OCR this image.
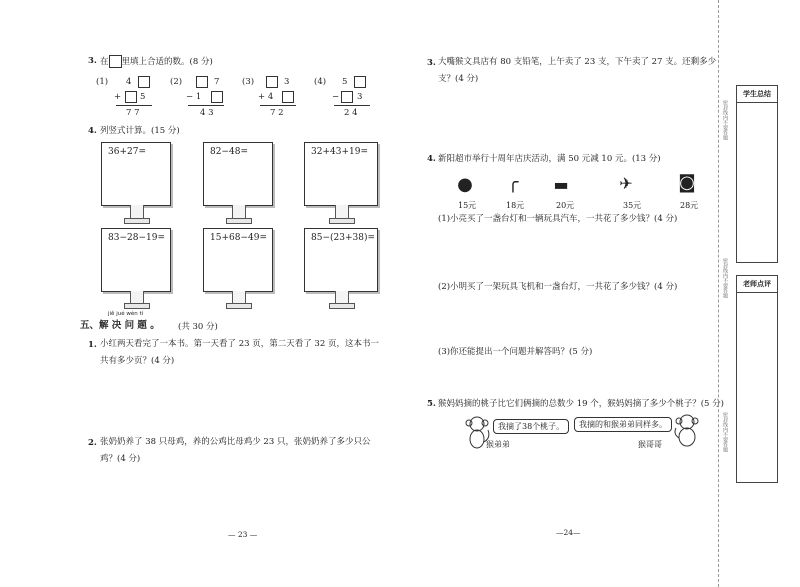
3. 在 里填上合适的数。(8 分)
(1) 4
+ 5
7 7
(2)	7
− 1
4 3
(3)	3
+ 4
7 2
(4) 5
− 3
2 4
4. 列竖式计算。(15 分)
36+27=	82−48=	32+43+19=
83−28−19=	15+68−49=	85−(23+38)=
jiě jué wèn tí
五、解 决 问 题 。 (共 30 分)
1. 小红两天看完了一本书。第一天看了 23 页，第二天看了 32 页，这本书一
共有多少页？(4 分)
2. 张奶奶养了 38 只母鸡，养的公鸡比母鸡少 23 只，张奶奶养了多少只公
鸡？(4 分)
— 23 —
3. 大嘴猴文具店有 80 支铅笔，上午卖了 23 支，下午卖了 27 支。还剩多少
支？(4 分)
4. 新阳超市举行十周年店庆活动，满 50 元减 10 元。(13 分)
●
15元
╭
18元
▬
20元
✈
35元
◙
28元
(1)小亮买了一盏台灯和一辆玩具汽车，一共花了多少钱？(4 分)
(2)小明买了一架玩具飞机和一盏台灯，一共花了多少钱？(4 分)
(3)你还能提出一个问题并解答吗？(5 分)
5. 猴妈妈摘的桃子比它们俩摘的总数少 19 个，猴妈妈摘了多少个桃子？(5 分)
我摘了38个桃子。
猴弟弟
我摘的和猴弟弟同样多。
猴哥哥
—24—
密封线内不要答题
密封线内不要答题
密封线内不要答题
学生总结
老师点评
